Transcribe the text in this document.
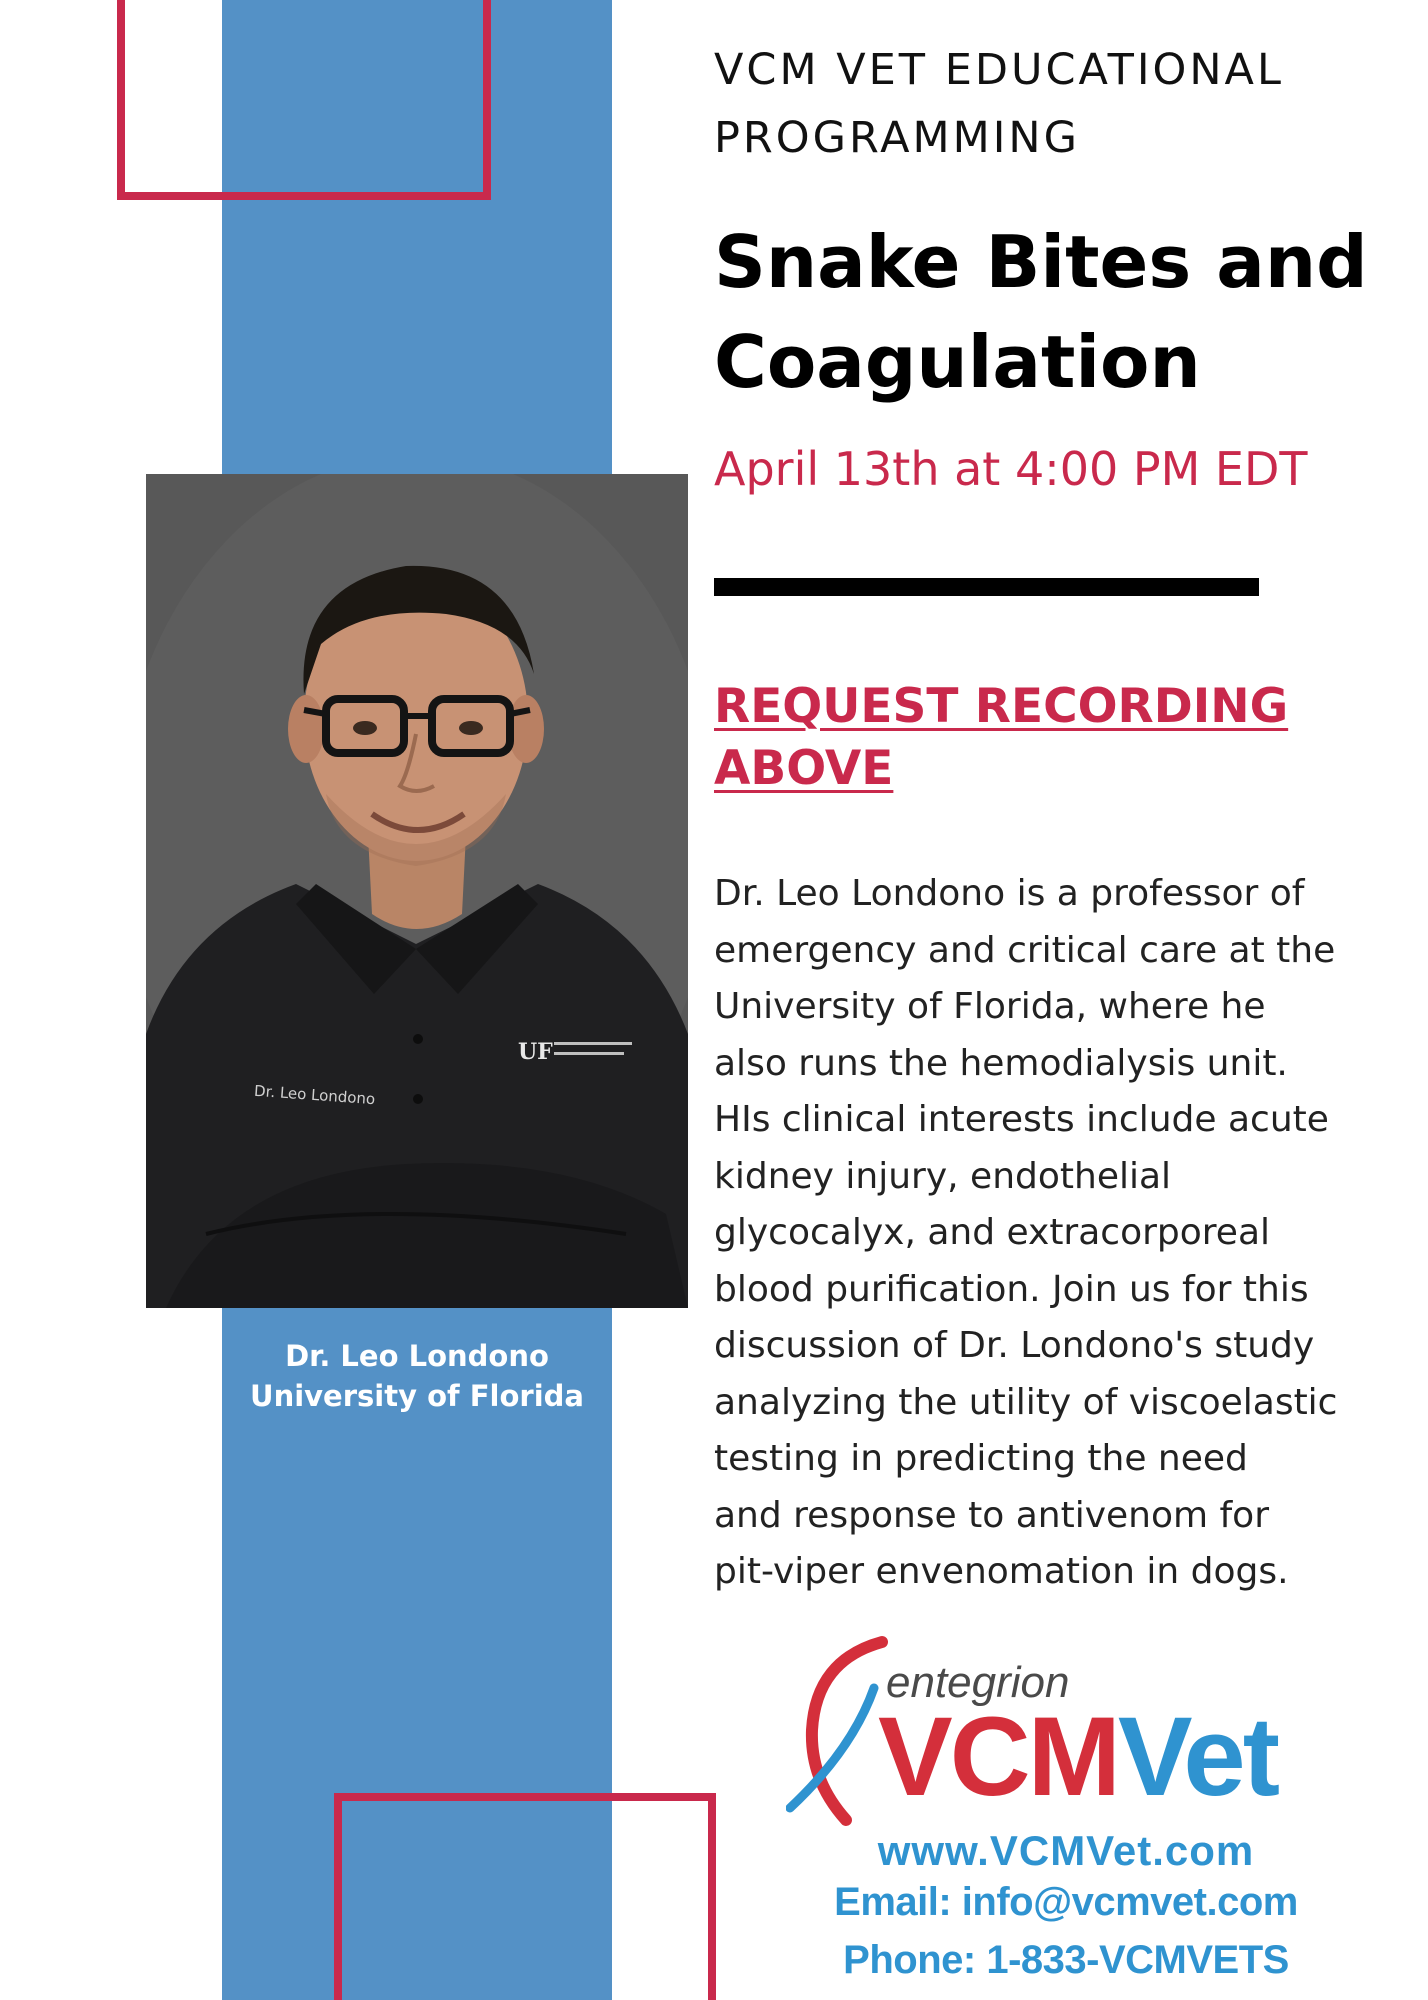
UF
Dr. Leo Londono
Dr. Leo Londono
University of Florida
VCM VET EDUCATIONAL
PROGRAMMING
Snake Bites and
Coagulation
April 13th at 4:00 PM EDT
REQUEST RECORDING
ABOVE
Dr. Leo Londono is a professor of
emergency and critical care at the
University of Florida, where he
also runs the hemodialysis unit.
HIs clinical interests include acute
kidney injury, endothelial
glycocalyx, and extracorporeal
blood purification. Join us for this
discussion of Dr. Londono's study
analyzing the utility of viscoelastic
testing in predicting the need
and response to antivenom for
pit-viper envenomation in dogs.
entegrion
VCMVet
www.VCMVet.com
Email: info@vcmvet.com
Phone: 1-833-VCMVETS
